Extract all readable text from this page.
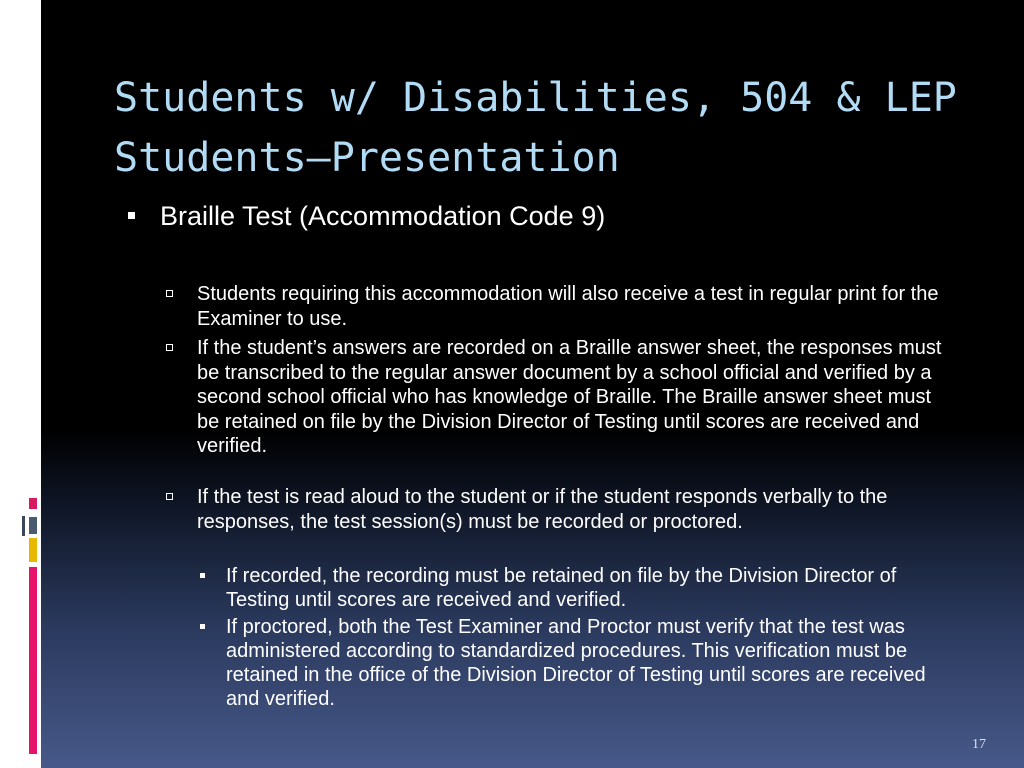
Students w/ Disabilities, 504 & LEP Students—Presentation
Braille Test (Accommodation Code 9)
Students requiring this accommodation will also receive a test in regular print for the Examiner to use.
If the student’s answers are recorded on a Braille answer sheet, the responses must be transcribed to the regular answer document by a school official and verified by a second school official who has knowledge of Braille. The Braille answer sheet must be retained on file by the Division Director of Testing until scores are received and verified.
If the test is read aloud to the student or if the student responds verbally to the responses, the test session(s) must be recorded or proctored.
If recorded, the recording must be retained on file by the Division Director of Testing until scores are received and verified.
If proctored, both the Test Examiner and Proctor must verify that the test was administered according to standardized procedures. This verification must be retained in the office of the Division Director of Testing until scores are received and verified.
17
